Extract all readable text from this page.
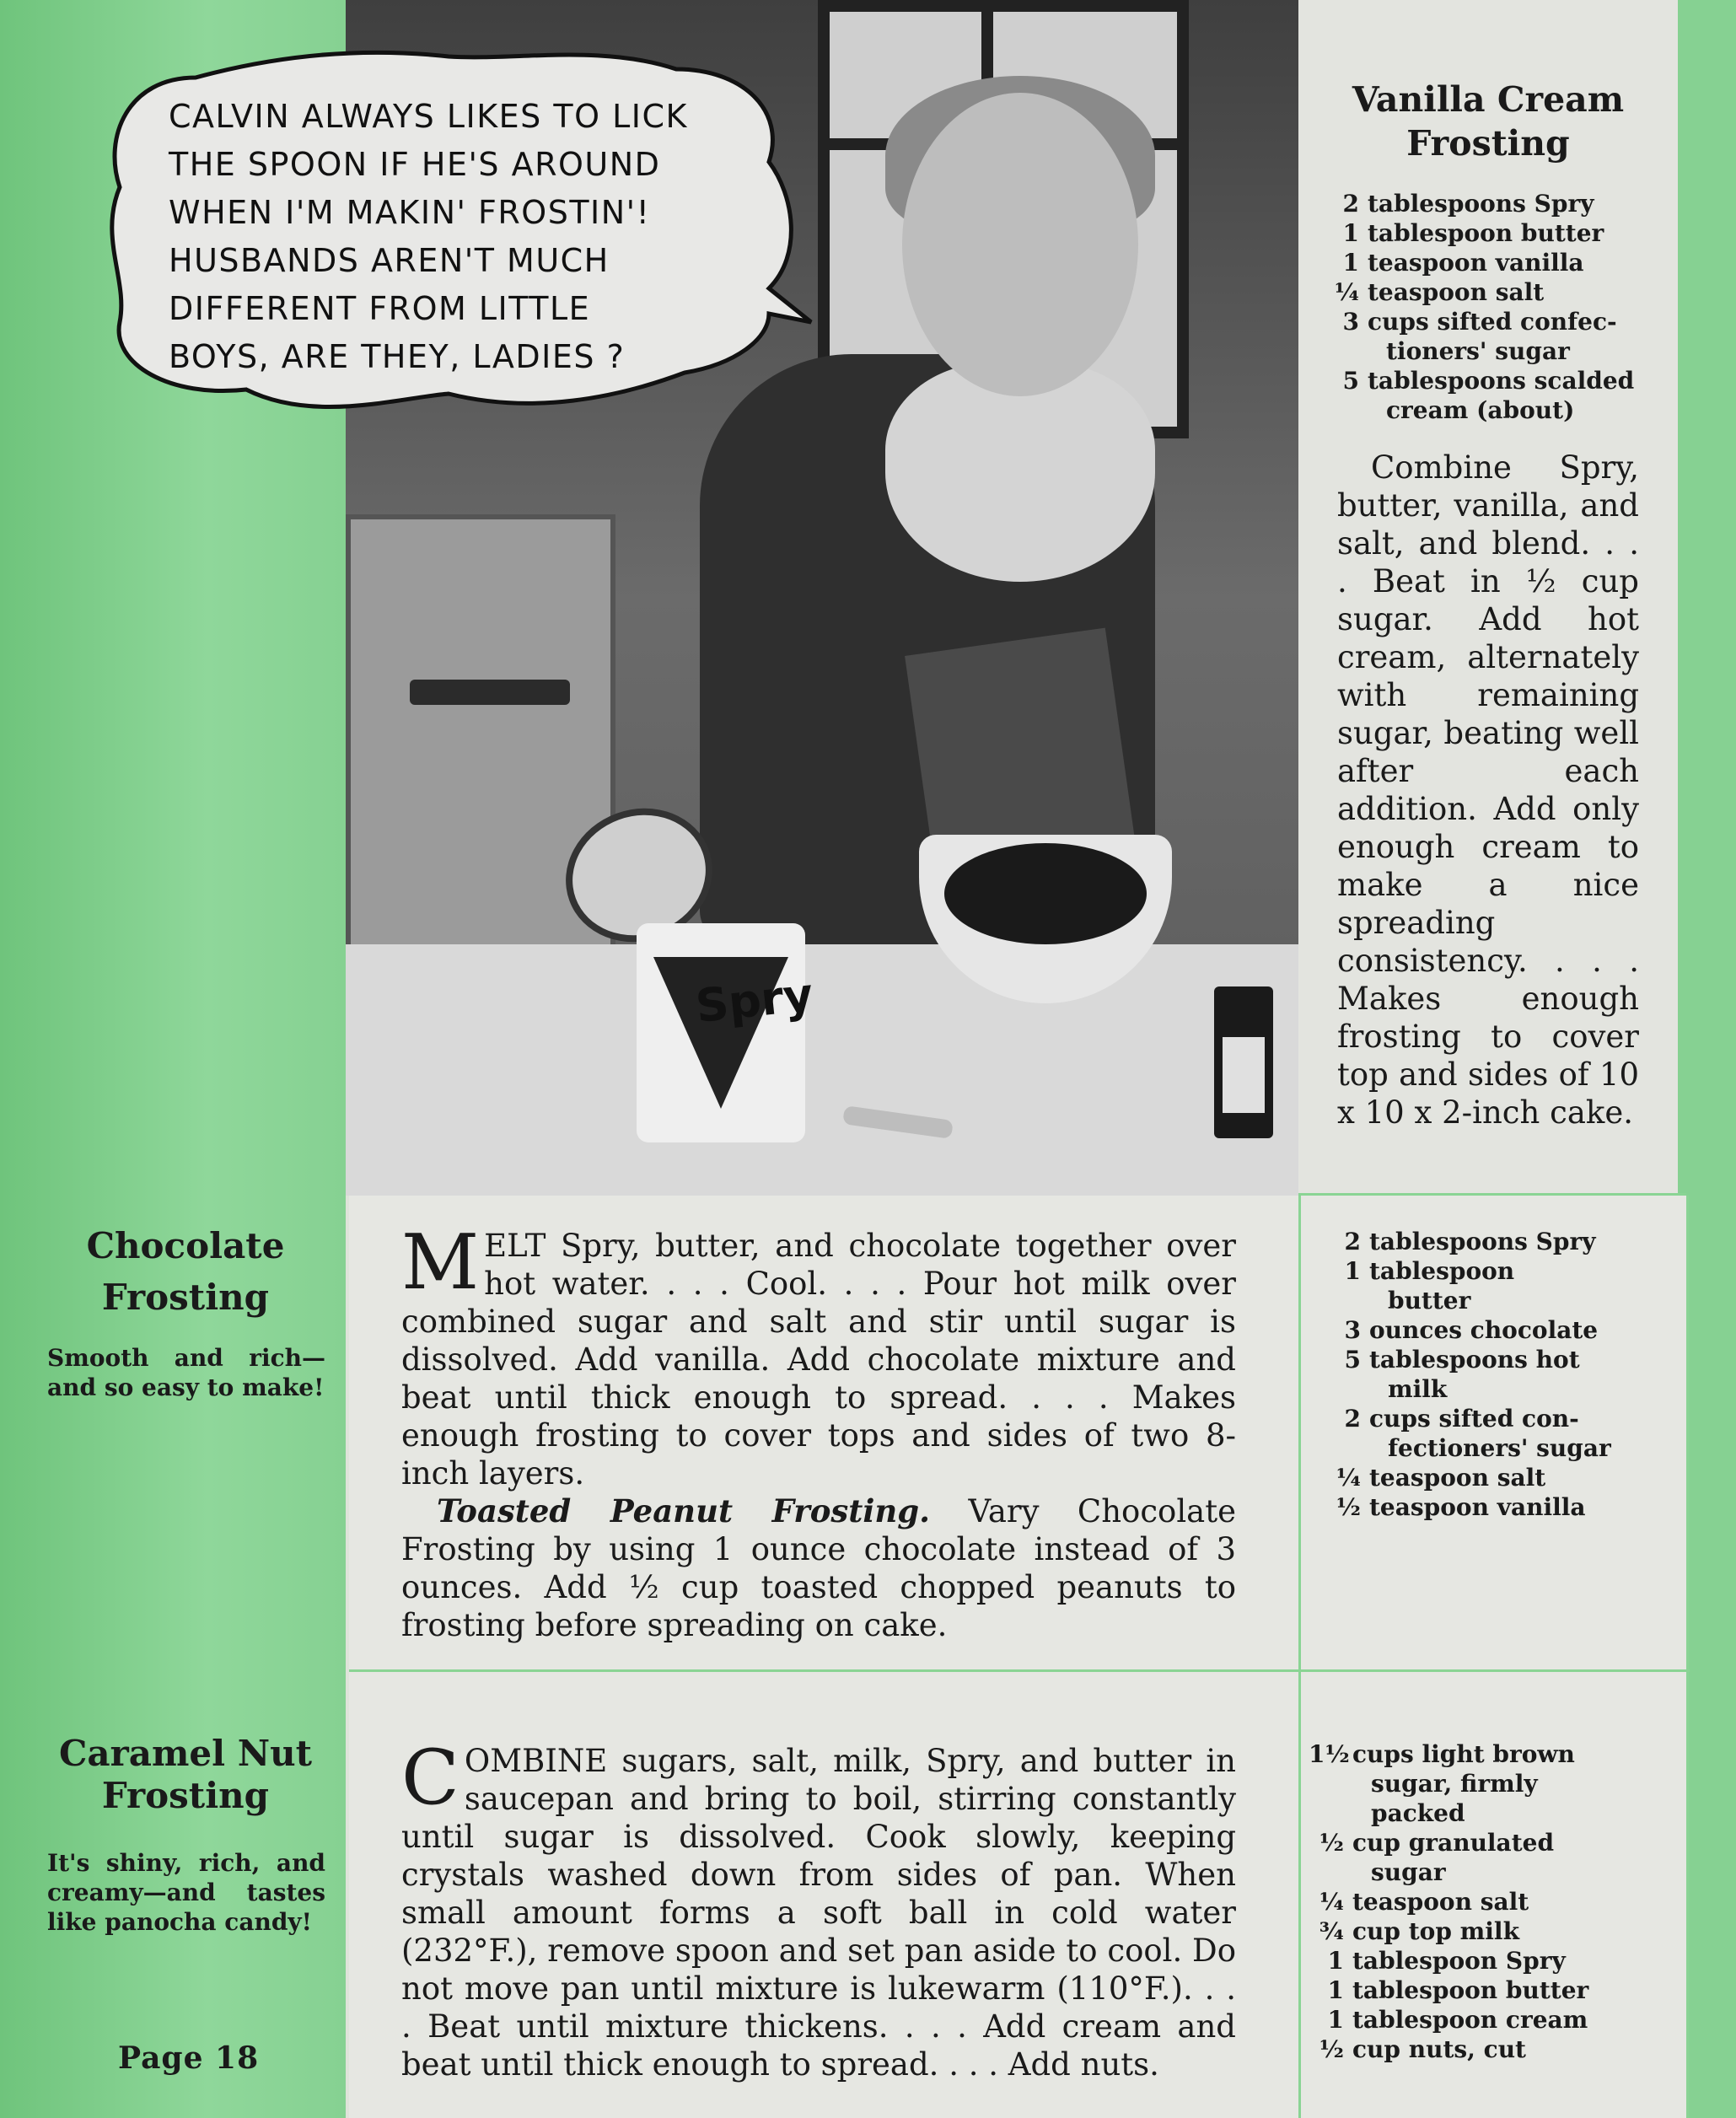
Spry
CALVIN ALWAYS LIKES TO LICK
THE SPOON IF HE'S AROUND
WHEN I'M MAKIN' FROSTIN'!
HUSBANDS AREN'T MUCH
DIFFERENT FROM LITTLE
BOYS, ARE THEY, LADIES ?
Vanilla Cream
Frosting
2 tablespoons Spry
1 tablespoon butter
1 teaspoon vanilla
¼ teaspoon salt
3 cups sifted confec-
tioners' sugar
5 tablespoons scalded
cream (about)
Combine Spry, butter, vanilla, and salt, and blend. . . . Beat in ½ cup sugar. Add hot cream, alternately with remaining sugar, beating well after each addition. Add only enough cream to make a nice spreading consistency. . . . Makes enough frosting to cover top and sides of 10 x 10 x 2-inch cake.
Chocolate
Frosting
Smooth and rich—and so easy to make!
MELT Spry, butter, and chocolate together over hot water. . . . Cool. . . . Pour hot milk over combined sugar and salt and stir until sugar is dissolved. Add vanilla. Add chocolate mixture and beat until thick enough to spread. . . . Makes enough frosting to cover tops and sides of two 8-inch layers.
Toasted Peanut Frosting. Vary Chocolate Frosting by using 1 ounce chocolate instead of 3 ounces. Add ½ cup toasted chopped peanuts to frosting before spreading on cake.
2 tablespoons Spry
1 tablespoon
butter
3 ounces chocolate
5 tablespoons hot
milk
2 cups sifted con-
fectioners' sugar
¼ teaspoon salt
½ teaspoon vanilla
Caramel Nut
Frosting
It's shiny, rich, and creamy—and tastes like panocha candy!
COMBINE sugars, salt, milk, Spry, and butter in saucepan and bring to boil, stirring constantly until sugar is dissolved. Cook slowly, keeping crystals washed down from sides of pan. When small amount forms a soft ball in cold water (232°F.), remove spoon and set pan aside to cool. Do not move pan until mixture is lukewarm (110°F.). . . . Beat until mixture thickens. . . . Add cream and beat until thick enough to spread. . . . Add nuts.
1½ cups light brown
sugar, firmly
packed
½ cup granulated
sugar
¼ teaspoon salt
¾ cup top milk
1 tablespoon Spry
1 tablespoon butter
1 tablespoon cream
½ cup nuts, cut
Page 18
